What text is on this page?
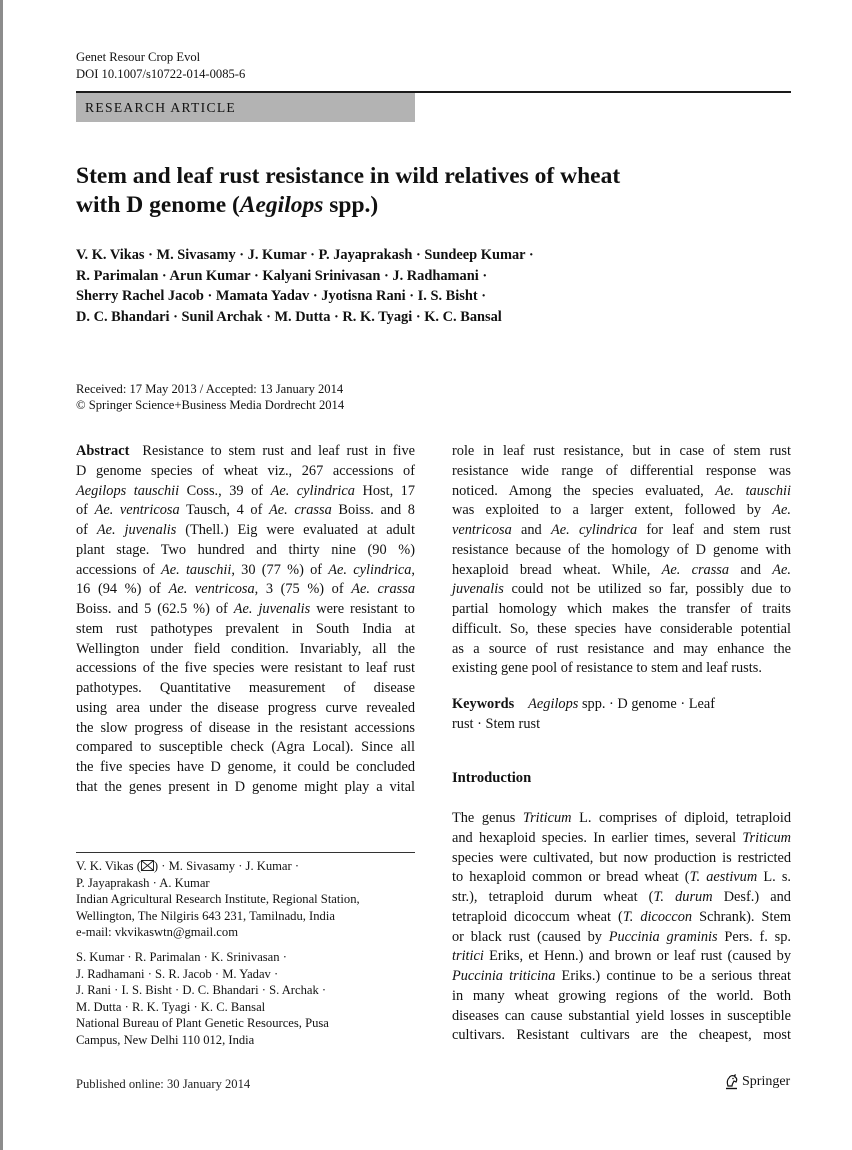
Genet Resour Crop Evol
DOI 10.1007/s10722-014-0085-6
RESEARCH ARTICLE
Stem and leaf rust resistance in wild relatives of wheat
with D genome (Aegilops spp.)
V. K. Vikas · M. Sivasamy · J. Kumar · P. Jayaprakash · Sundeep Kumar ·
R. Parimalan · Arun Kumar · Kalyani Srinivasan · J. Radhamani ·
Sherry Rachel Jacob · Mamata Yadav · Jyotisna Rani · I. S. Bisht ·
D. C. Bhandari · Sunil Archak · M. Dutta · R. K. Tyagi · K. C. Bansal
Received: 17 May 2013 / Accepted: 13 January 2014
© Springer Science+Business Media Dordrecht 2014
Abstract Resistance to stem rust and leaf rust in five
D genome species of wheat viz., 267 accessions of
Aegilops tauschii Coss., 39 of Ae. cylindrica Host, 17
of Ae. ventricosa Tausch, 4 of Ae. crassa Boiss. and 8
of Ae. juvenalis (Thell.) Eig were evaluated at adult
plant stage. Two hundred and thirty nine (90 %)
accessions of Ae. tauschii, 30 (77 %) of Ae. cylindrica,
16 (94 %) of Ae. ventricosa, 3 (75 %) of Ae. crassa
Boiss. and 5 (62.5 %) of Ae. juvenalis were resistant to
stem rust pathotypes prevalent in South India at
Wellington under field condition. Invariably, all the
accessions of the five species were resistant to leaf rust
pathotypes. Quantitative measurement of disease
using area under the disease progress curve revealed
the slow progress of disease in the resistant accessions
compared to susceptible check (Agra Local). Since all
the five species have D genome, it could be concluded
that the genes present in D genome might play a vital
role in leaf rust resistance, but in case of stem rust
resistance wide range of differential response was
noticed. Among the species evaluated, Ae. tauschii
was exploited to a larger extent, followed by Ae.
ventricosa and Ae. cylindrica for leaf and stem rust
resistance because of the homology of D genome with
hexaploid bread wheat. While, Ae. crassa and Ae.
juvenalis could not be utilized so far, possibly due to
partial homology which makes the transfer of traits
difficult. So, these species have considerable potential
as a source of rust resistance and may enhance the
existing gene pool of resistance to stem and leaf rusts.
Keywords Aegilops spp. · D genome · Leaf
rust · Stem rust
Introduction
The genus Triticum L. comprises of diploid, tetraploid
and hexaploid species. In earlier times, several Triticum
species were cultivated, but now production is restricted
to hexaploid common or bread wheat (T. aestivum L. s.
str.), tetraploid durum wheat (T. durum Desf.) and
tetraploid dicoccum wheat (T. dicoccon Schrank). Stem
or black rust (caused by Puccinia graminis Pers. f. sp.
tritici Eriks, et Henn.) and brown or leaf rust (caused by
Puccinia triticina Eriks.) continue to be a serious threat
in many wheat growing regions of the world. Both
diseases can cause substantial yield losses in susceptible
cultivars. Resistant cultivars are the cheapest, most
V. K. Vikas ( ) · M. Sivasamy · J. Kumar ·
P. Jayaprakash · A. Kumar
Indian Agricultural Research Institute, Regional Station,
Wellington, The Nilgiris 643 231, Tamilnadu, India
e-mail: vkvikaswtn@gmail.com
S. Kumar · R. Parimalan · K. Srinivasan ·
J. Radhamani · S. R. Jacob · M. Yadav ·
J. Rani · I. S. Bisht · D. C. Bhandari · S. Archak ·
M. Dutta · R. K. Tyagi · K. C. Bansal
National Bureau of Plant Genetic Resources, Pusa
Campus, New Delhi 110 012, India
Published online: 30 January 2014	Springer
